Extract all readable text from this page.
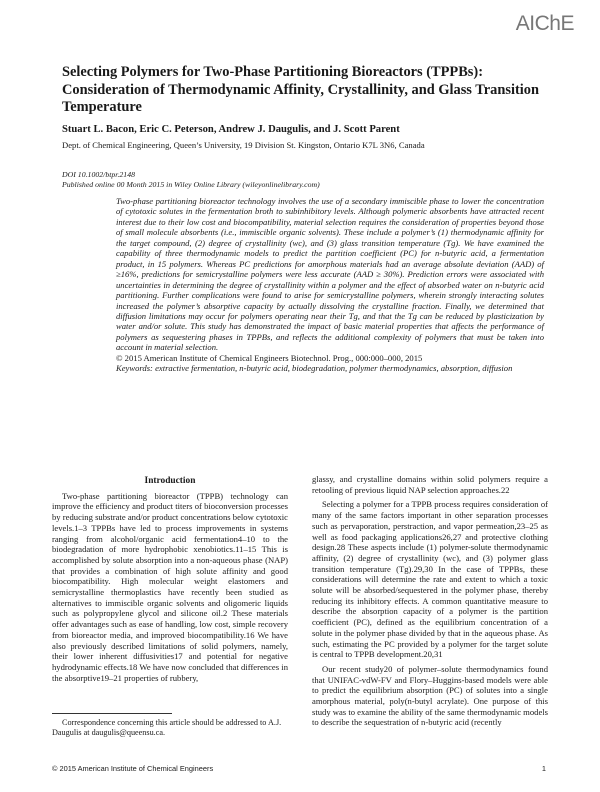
AIChE
Selecting Polymers for Two-Phase Partitioning Bioreactors (TPPBs): Consideration of Thermodynamic Affinity, Crystallinity, and Glass Transition Temperature

Stuart L. Bacon, Eric C. Peterson, Andrew J. Daugulis, and J. Scott Parent

Dept. of Chemical Engineering, Queen’s University, 19 Division St. Kingston, Ontario K7L 3N6, Canada

DOI 10.1002/btpr.2148
Published online 00 Month 2015 in Wiley Online Library (wileyonlinelibrary.com)
Two-phase partitioning bioreactor technology involves the use of a secondary immiscible phase to lower the concentration of cytotoxic solutes in the fermentation broth to subinhibitory levels. Although polymeric absorbents have attracted recent interest due to their low cost and biocompatibility, material selection requires the consideration of properties beyond those of small molecule absorbents (i.e., immiscible organic solvents). These include a polymer’s (1) thermodynamic affinity for the target compound, (2) degree of crystallinity (wc), and (3) glass transition temperature (Tg). We have examined the capability of three thermodynamic models to predict the partition coefficient (PC) for n-butyric acid, a fermentation product, in 15 polymers. Whereas PC predictions for amorphous materials had an average absolute deviation (AAD) of ≥16%, predictions for semicrystalline polymers were less accurate (AAD ≥ 30%). Prediction errors were associated with uncertainties in determining the degree of crystallinity within a polymer and the effect of absorbed water on n-butyric acid partitioning. Further complications were found to arise for semicrystalline polymers, wherein strongly interacting solutes increased the polymer’s absorptive capacity by actually dissolving the crystalline fraction. Finally, we determined that diffusion limitations may occur for polymers operating near their Tg, and that the Tg can be reduced by plasticization by water and/or solute. This study has demonstrated the impact of basic material properties that affects the performance of polymers as sequestering phases in TPPBs, and reflects the additional complexity of polymers that must be taken into account in material selection.
© 2015 American Institute of Chemical Engineers Biotechnol. Prog., 000:000–000, 2015
Keywords: extractive fermentation, n-butyric acid, biodegradation, polymer thermodynamics, absorption, diffusion

Introduction

Two-phase partitioning bioreactor (TPPB) technology can improve the efficiency and product titers of bioconversion processes by reducing substrate and/or product concentrations below cytotoxic levels.1–3 TPPBs have led to process improvements in systems ranging from alcohol/organic acid fermentation4–10 to the biodegradation of more hydrophobic xenobiotics.11–15 This is accomplished by solute absorption into a non-aqueous phase (NAP) that provides a combination of high solute affinity and good biocompatibility. High molecular weight elastomers and semicrystalline thermoplastics have recently been studied as alternatives to immiscible organic solvents and oligomeric liquids such as polypropylene glycol and silicone oil.2 These materials offer advantages such as ease of handling, low cost, simple recovery from bioreactor media, and improved biocompatibility.16 We have also previously described limitations of solid polymers, namely, their lower inherent diffusivities17 and potential for negative hydrodynamic effects.18 We have now concluded that differences in the absorptive19–21 properties of rubbery,

glassy, and crystalline domains within solid polymers require a retooling of previous liquid NAP selection approaches.22

Selecting a polymer for a TPPB process requires consideration of many of the same factors important in other separation processes such as pervaporation, perstraction, and vapor permeation,23–25 as well as food packaging applications26,27 and protective clothing design.28 These aspects include (1) polymer-solute thermodynamic affinity, (2) degree of crystallinity (wc), and (3) polymer glass transition temperature (Tg).29,30 In the case of TPPBs, these considerations will determine the rate and extent to which a toxic solute will be absorbed/sequestered in the polymer phase, thereby reducing its inhibitory effects. A common quantitative measure to describe the absorption capacity of a polymer is the partition coefficient (PC), defined as the equilibrium concentration of a solute in the polymer phase divided by that in the aqueous phase. As such, estimating the PC provided by a polymer for the target solute is central to TPPB development.20,31

Our recent study20 of polymer–solute thermodynamics found that UNIFAC-vdW-FV and Flory–Huggins-based models were able to predict the equilibrium absorption (PC) of solutes into a single amorphous material, poly(n-butyl acrylate). One purpose of this study was to examine the ability of the same thermodynamic models to describe the sequestration of n-butyric acid (recently

Correspondence concerning this article should be addressed to A.J. Daugulis at daugulis@queensu.ca.

© 2015 American Institute of Chemical Engineers	1
